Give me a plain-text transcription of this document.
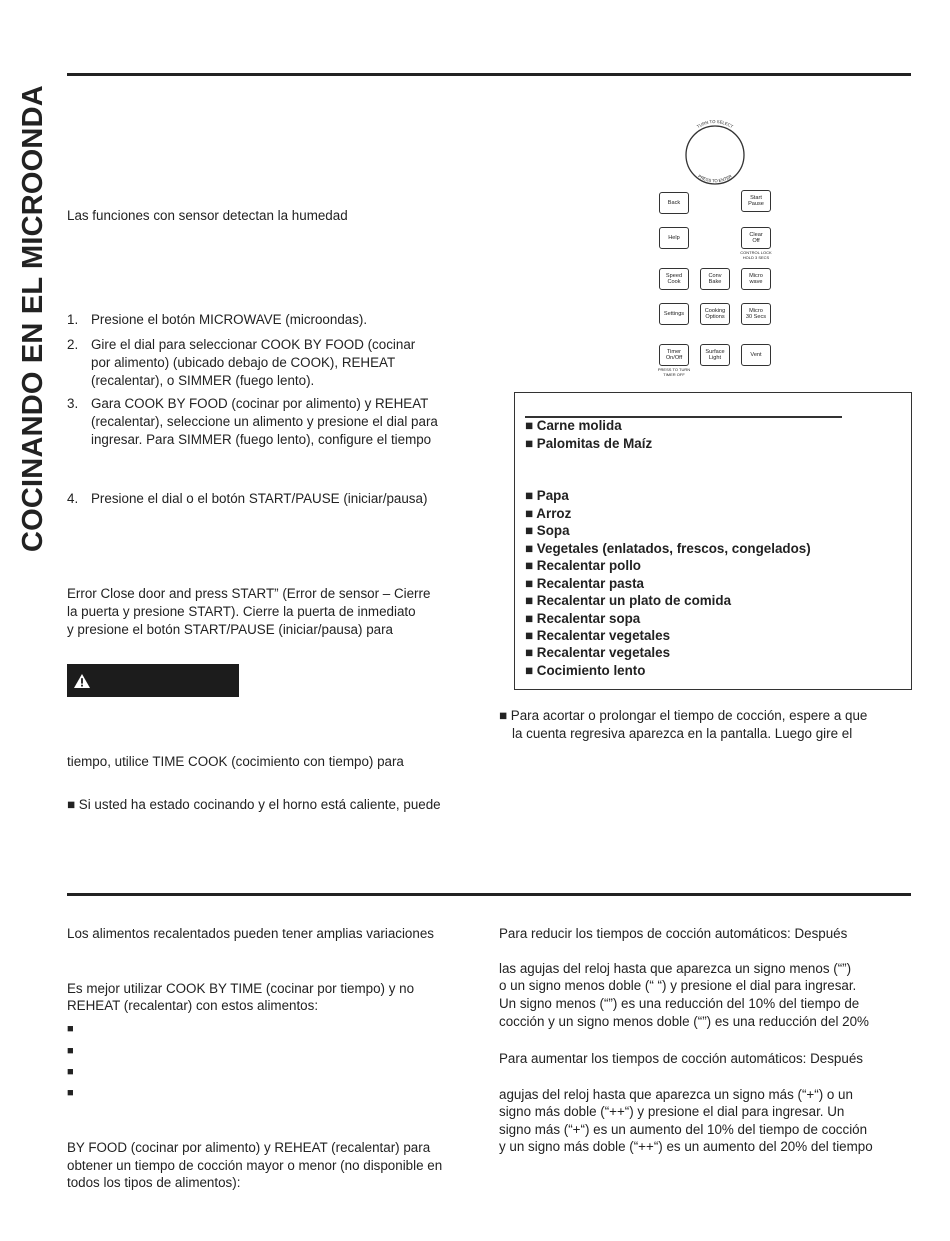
COCINANDO EN EL MICROONDA Las funciones con sensor detectan la humedad
1. Presione el botón MICROWAVE (microondas).
2. Gire el dial para seleccionar COOK BY FOOD (cocinar
por alimento) (ubicado debajo de COOK), REHEAT
(recalentar), o SIMMER (fuego lento).
3. Gara COOK BY FOOD (cocinar por alimento) y REHEAT
(recalentar), seleccione un alimento y presione el dial para
ingresar. Para SIMMER (fuego lento), configure el tiempo
4. Presione el dial o el botón START/PAUSE (iniciar/pausa)
Error Close door and press START” (Error de sensor – Cierre
la puerta y presione START). Cierre la puerta de inmediato
y presione el botón START/PAUSE (iniciar/pausa) para
tiempo, utilice TIME COOK (cocimiento con tiempo) para
■ Si usted ha estado cocinando y el horno está caliente, puede
TURN TO SELECT
PRESS TO ENTER
Back
Start
Pause
Help
Clear
Off
CONTROL LOCK
HOLD 3 SECS
Speed
Cook
Conv
Bake
Micro
wave
Settings
Cooking
Options
Micro
30 Secs
Timer
On/Off
PRESS TO TURN
TIMER OFF
Surface
Light
Vent
■ Carne molida
■ Palomitas de Maíz
■ Papa
■ Arroz
■ Sopa
■ Vegetales (enlatados, frescos, congelados)
■ Recalentar pollo
■ Recalentar pasta
■ Recalentar un plato de comida
■ Recalentar sopa
■ Recalentar vegetales
■ Recalentar vegetales
■ Cocimiento lento
■ Para acortar o prolongar el tiempo de cocción, espere a que
la cuenta regresiva aparezca en la pantalla. Luego gire el
Los alimentos recalentados pueden tener amplias variaciones
Es mejor utilizar COOK BY TIME (cocinar por tiempo) y no
REHEAT (recalentar) con estos alimentos:
■
■
■
■
BY FOOD (cocinar por alimento) y REHEAT (recalentar) para
obtener un tiempo de cocción mayor o menor (no disponible en
todos los tipos de alimentos):
Para reducir los tiempos de cocción automáticos: Después
las agujas del reloj hasta que aparezca un signo menos (“”)
o un signo menos doble (“ “) y presione el dial para ingresar.
Un signo menos (“”) es una reducción del 10% del tiempo de
cocción y un signo menos doble (“”) es una reducción del 20%
Para aumentar los tiempos de cocción automáticos: Después
agujas del reloj hasta que aparezca un signo más (“+“) o un
signo más doble (“++“) y presione el dial para ingresar. Un
signo más (“+“) es un aumento del 10% del tiempo de cocción
y un signo más doble (“++“) es un aumento del 20% del tiempo
